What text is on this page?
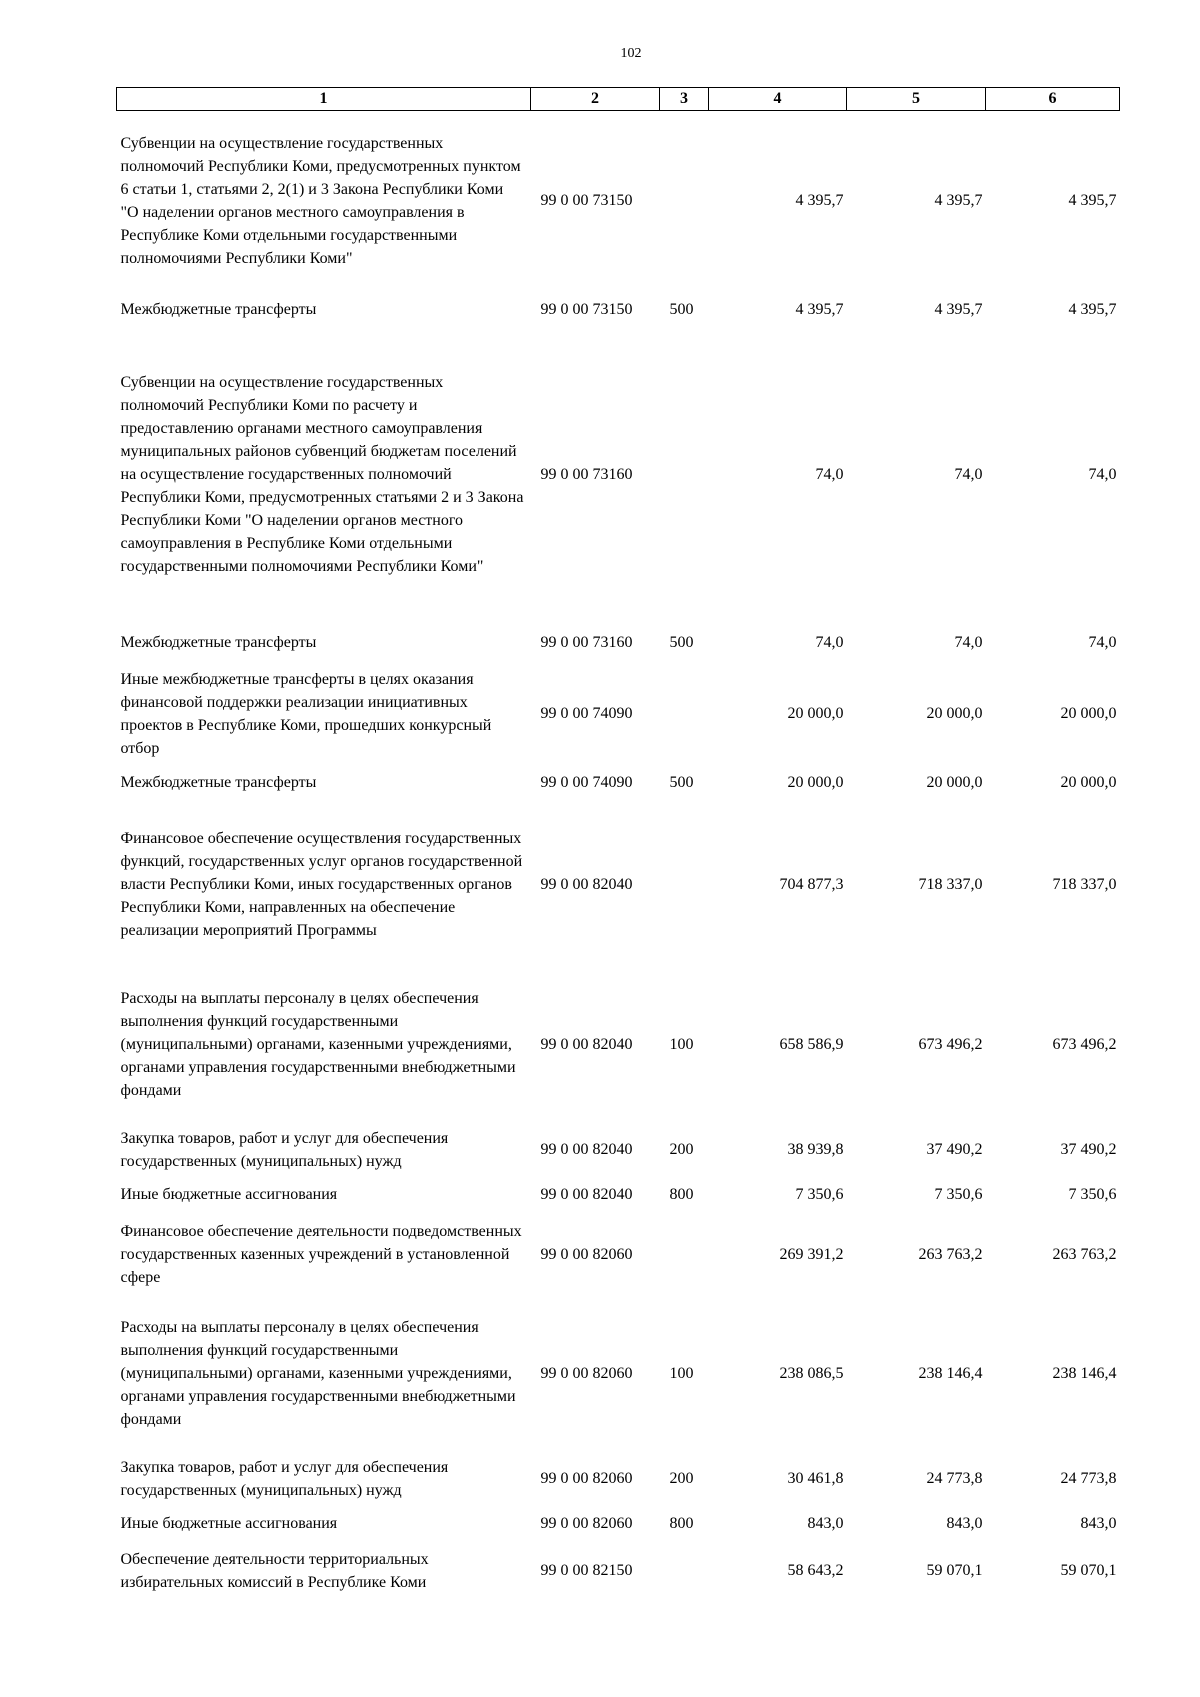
102
1	2	3	4	5	6
Субвенции на осуществление государственных полномочий Республики Коми, предусмотренных пунктом 6 статьи 1, статьями 2, 2(1) и 3 Закона Республики Коми "О наделении органов местного самоуправления в Республике Коми отдельными государственными полномочиями Республики Коми"	99 0 00 73150		4 395,7	4 395,7	4 395,7
Межбюджетные трансферты	99 0 00 73150	500	4 395,7	4 395,7	4 395,7
Субвенции на осуществление государственных полномочий Республики Коми по расчету и предоставлению органами местного самоуправления муниципальных районов субвенций бюджетам поселений на осуществление государственных полномочий Республики Коми, предусмотренных статьями 2 и 3 Закона Республики Коми "О наделении органов местного самоуправления в Республике Коми отдельными государственными полномочиями Республики Коми"	99 0 00 73160		74,0	74,0	74,0
Межбюджетные трансферты	99 0 00 73160	500	74,0	74,0	74,0
Иные межбюджетные трансферты в целях оказания финансовой поддержки реализации инициативных проектов в Республике Коми, прошедших конкурсный отбор	99 0 00 74090		20 000,0	20 000,0	20 000,0
Межбюджетные трансферты	99 0 00 74090	500	20 000,0	20 000,0	20 000,0
Финансовое обеспечение осуществления государственных функций, государственных услуг органов государственной власти Республики Коми, иных государственных органов Республики Коми, направленных на обеспечение реализации мероприятий Программы	99 0 00 82040		704 877,3	718 337,0	718 337,0
Расходы на выплаты персоналу в целях обеспечения выполнения функций государственными (муниципальными) органами, казенными учреждениями, органами управления государственными внебюджетными фондами	99 0 00 82040	100	658 586,9	673 496,2	673 496,2
Закупка товаров, работ и услуг для обеспечения государственных (муниципальных) нужд	99 0 00 82040	200	38 939,8	37 490,2	37 490,2
Иные бюджетные ассигнования	99 0 00 82040	800	7 350,6	7 350,6	7 350,6
Финансовое обеспечение деятельности подведомственных государственных казенных учреждений в установленной сфере	99 0 00 82060		269 391,2	263 763,2	263 763,2
Расходы на выплаты персоналу в целях обеспечения выполнения функций государственными (муниципальными) органами, казенными учреждениями, органами управления государственными внебюджетными фондами	99 0 00 82060	100	238 086,5	238 146,4	238 146,4
Закупка товаров, работ и услуг для обеспечения государственных (муниципальных) нужд	99 0 00 82060	200	30 461,8	24 773,8	24 773,8
Иные бюджетные ассигнования	99 0 00 82060	800	843,0	843,0	843,0
Обеспечение деятельности территориальных избирательных комиссий в Республике Коми	99 0 00 82150		58 643,2	59 070,1	59 070,1
